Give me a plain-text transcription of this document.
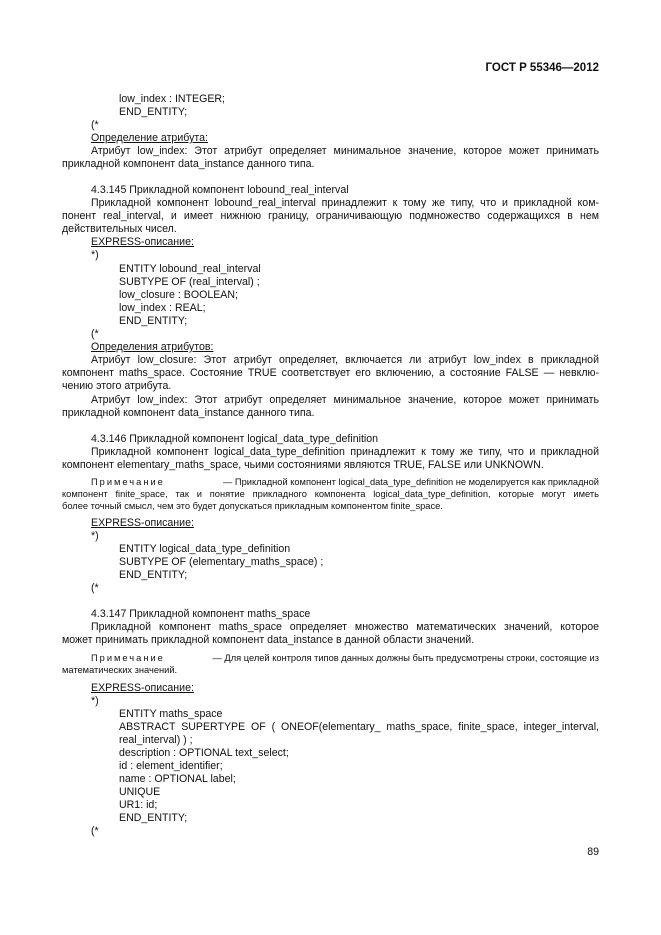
ГОСТ Р 55346—2012
low_index : INTEGER;
END_ENTITY;
(*
Определение атрибута:
Атрибут low_index: Этот атрибут определяет минимальное значение, которое может принимать
прикладной компонент data_instance данного типа.
4.3.145 Прикладной компонент lobound_real_interval
Прикладной компонент lobound_real_interval принадлежит к тому же типу, что и прикладной ком-
понент real_interval, и имеет нижнюю границу, ограничивающую подмножество содержащихся в нем
действительных чисел.
EXPRESS-описание:
*)
ENTITY lobound_real_interval
SUBTYPE OF (real_interval) ;
low_closure : BOOLEAN;
low_index : REAL;
END_ENTITY;
(*
Определения атрибутов:
Атрибут low_closure: Этот атрибут определяет, включается ли атрибут low_index в прикладной
компонент maths_space. Состояние TRUE соответствует его включению, а состояние FALSE — невклю-
чению этого атрибута.
Атрибут low_index: Этот атрибут определяет минимальное значение, которое может принимать
прикладной компонент data_instance данного типа.
4.3.146 Прикладной компонент logical_data_type_definition
Прикладной компонент logical_data_type_definition принадлежит к тому же типу, что и прикладной
компонент elementary_maths_space, чьими состояниями являются TRUE, FALSE или UNKNOWN.
Примечание	— Прикладной компонент logical_data_type_definition не моделируется как прикладной
компонент finite_space, так и понятие прикладного компонента logical_data_type_definition, которые могут иметь
более точный смысл, чем это будет допускаться прикладным компонентом finite_space.
EXPRESS-описание:
*)
ENTITY logical_data_type_definition
SUBTYPE OF (elementary_maths_space) ;
END_ENTITY;
(*
4.3.147 Прикладной компонент maths_space
Прикладной компонент maths_space определяет множество математических значений, которое
может принимать прикладной компонент data_instance в данной области значений.
Примечание	— Для целей контроля типов данных должны быть предусмотрены строки, состоящие из
математических значений.
EXPRESS-описание:
*)
ENTITY maths_space
ABSTRACT SUPERTYPE OF ( ONEOF(elementary_ maths_space, finite_space, integer_interval,
real_interval) ) ;
description : OPTIONAL text_select;
id : element_identifier;
name : OPTIONAL label;
UNIQUE
UR1: id;
END_ENTITY;
(*
89
